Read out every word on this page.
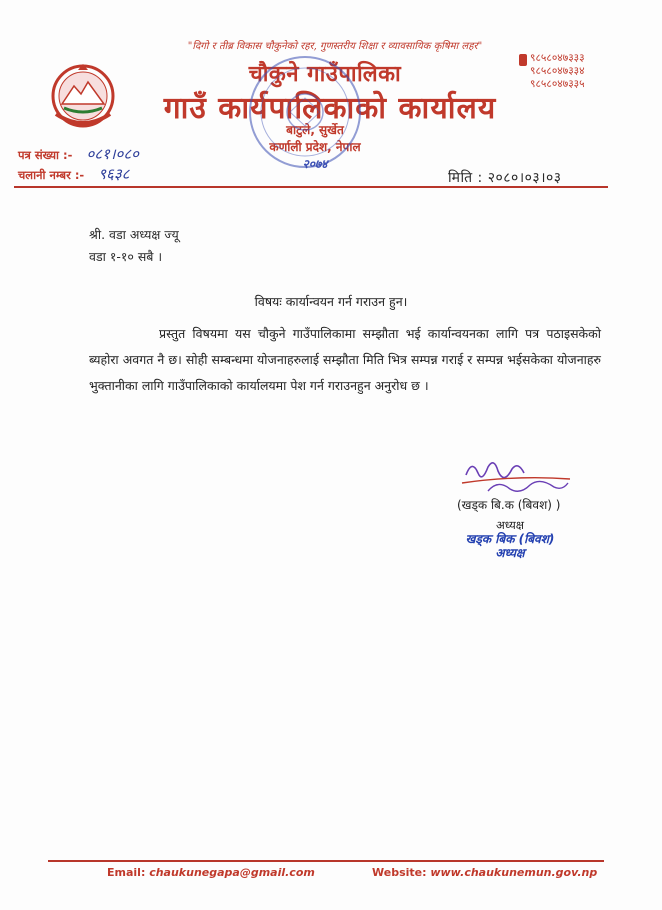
"दिगो र तीब्र विकास चौकुनेको रहर, गुणस्तरीय शिक्षा र व्यावसायिक कृषिमा लहर"
चौकुने गाउँपालिका
गाउँ कार्यपालिकाको कार्यालय
९८५८०४७३३३
९८५८०४७३३४
९८५८०४७३३५
बाटुले, सुर्खेत
कर्णाली प्रदेश, नेपाल
२०७४
पत्र संख्या :- ०८१।०८०
चलानी नम्बर :- ९६३८	मिति : २०८०।०३।०३
श्री. वडा अध्यक्ष ज्यू
वडा १-१० सबै ।
विषयः कार्यान्वयन गर्न गराउन हुन।
प्रस्तुत विषयमा यस चौकुने गाउँपालिकामा सम्झौता भई कार्यान्वयनका लागि पत्र पठाइसकेको ब्यहोरा अवगत नै छ। सोही सम्बन्धमा योजनाहरुलाई सम्झौता मिति भित्र सम्पन्न गराई र सम्पन्न भईसकेका योजनाहरु भुक्तानीका लागि गाउँपालिकाको कार्यालयमा पेश गर्न गराउनहुन अनुरोध छ ।
(खड्क बि.क (बिवश) )
अध्यक्ष
खड्क बिक (बिवश)
अध्यक्ष
Email: chaukunegapa@gmail.com	Website: www.chaukunemun.gov.np
